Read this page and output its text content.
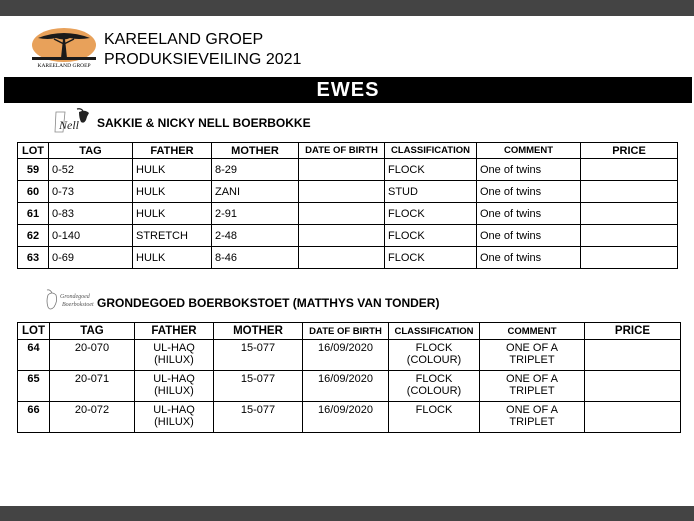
KAREELAND GROEP
KAREELAND GROEP
PRODUKSIEVEILING 2021
EWES
Nell SAKKIE & NICKY NELL BOERBOKKE
LOT	TAG	FATHER	MOTHER	DATE OF BIRTH	CLASSIFICATION	COMMENT	PRICE
59	0-52	HULK	8-29		FLOCK	One of twins	
60	0-73	HULK	ZANI		STUD	One of twins	
61	0-83	HULK	2-91		FLOCK	One of twins	
62	0-140	STRETCH	2-48		FLOCK	One of twins	
63	0-69	HULK	8-46		FLOCK	One of twins	
Grondegoed
Boerbokstoet GRONDEGOED BOERBOKSTOET (MATTHYS VAN TONDER)
LOT	TAG	FATHER	MOTHER	DATE OF BIRTH	CLASSIFICATION	COMMENT	PRICE
64	20-070	UL-HAQ (HILUX)	15-077	16/09/2020	FLOCK (COLOUR)	ONE OF A TRIPLET	
65	20-071	UL-HAQ (HILUX)	15-077	16/09/2020	FLOCK (COLOUR)	ONE OF A TRIPLET	
66	20-072	UL-HAQ (HILUX)	15-077	16/09/2020	FLOCK	ONE OF A TRIPLET	
